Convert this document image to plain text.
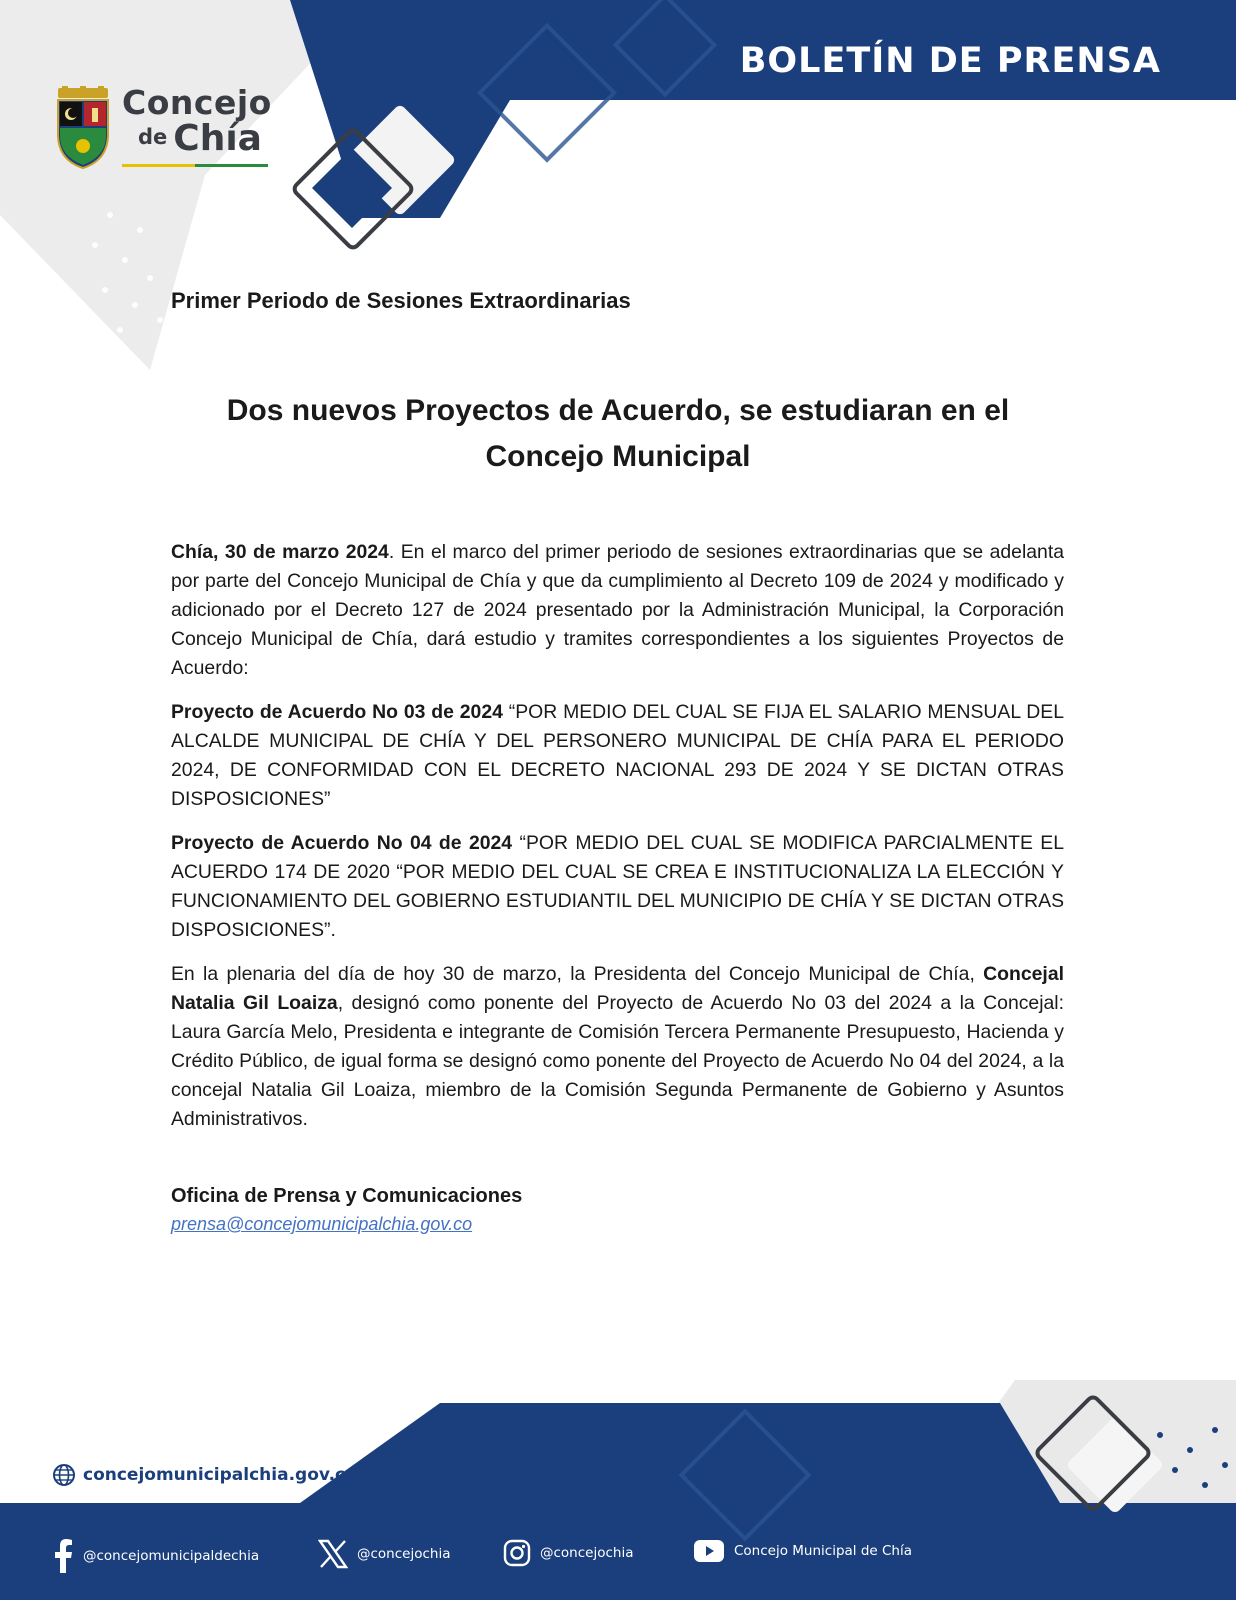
Concejo
de Chía
BOLETÍN DE PRENSA
Primer Periodo de Sesiones Extraordinarias
Dos nuevos Proyectos de Acuerdo, se estudiaran en el
Concejo Municipal

Chía, 30 de marzo 2024. En el marco del primer periodo de sesiones extraordinarias que se adelanta por parte del Concejo Municipal de Chía y que da cumplimiento al Decreto 109 de 2024 y modificado y adicionado por el Decreto 127 de 2024 presentado por la Administración Municipal, la Corporación Concejo Municipal de Chía, dará estudio y tramites correspondientes a los siguientes Proyectos de Acuerdo:

Proyecto de Acuerdo No 03 de 2024 “POR MEDIO DEL CUAL SE FIJA EL SALARIO MENSUAL DEL ALCALDE MUNICIPAL DE CHÍA Y DEL PERSONERO MUNICIPAL DE CHÍA PARA EL PERIODO 2024, DE CONFORMIDAD CON EL DECRETO NACIONAL 293 DE 2024 Y SE DICTAN OTRAS DISPOSICIONES”

Proyecto de Acuerdo No 04 de 2024 “POR MEDIO DEL CUAL SE MODIFICA PARCIALMENTE EL ACUERDO 174 DE 2020 “POR MEDIO DEL CUAL SE CREA E INSTITUCIONALIZA LA ELECCIÓN Y FUNCIONAMIENTO DEL GOBIERNO ESTUDIANTIL DEL MUNICIPIO DE CHÍA Y SE DICTAN OTRAS DISPOSICIONES”.

En la plenaria del día de hoy 30 de marzo, la Presidenta del Concejo Municipal de Chía, Concejal Natalia Gil Loaiza, designó como ponente del Proyecto de Acuerdo No 03 del 2024 a la Concejal: Laura García Melo, Presidenta e integrante de Comisión Tercera Permanente Presupuesto, Hacienda y Crédito Público, de igual forma se designó como ponente del Proyecto de Acuerdo No 04 del 2024, a la concejal Natalia Gil Loaiza, miembro de la Comisión Segunda Permanente de Gobierno y Asuntos Administrativos.

Oficina de Prensa y Comunicaciones
prensa@concejomunicipalchia.gov.co
concejomunicipalchia.gov.co
@concejomunicipaldechia	@concejochia	@concejochia	Concejo Municipal de Chía
